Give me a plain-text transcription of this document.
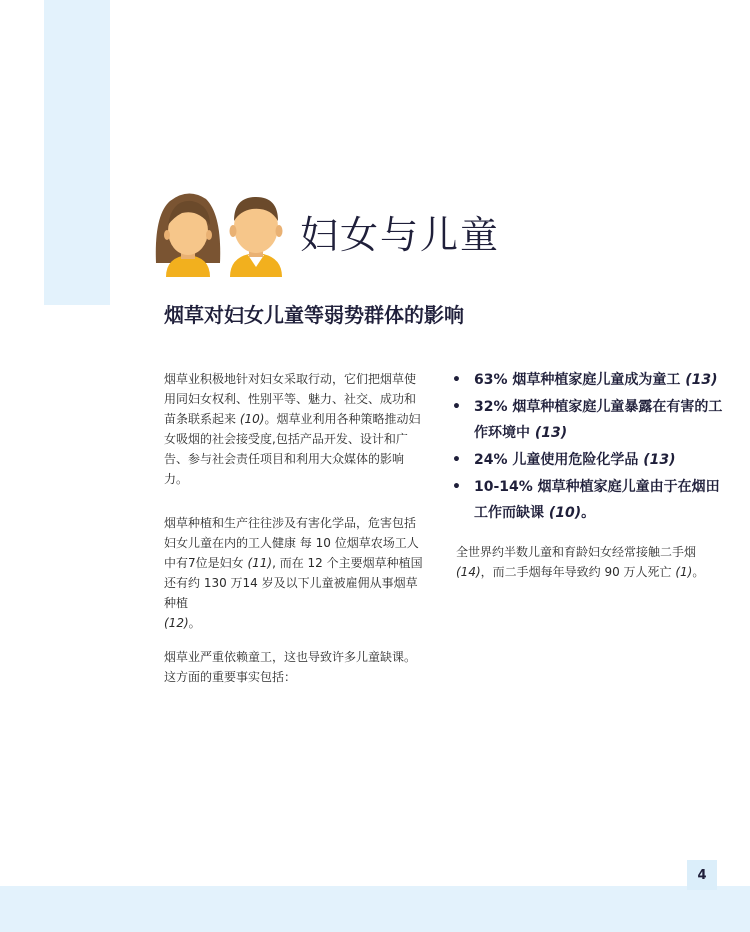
妇女与儿童
烟草对妇女儿童等弱势群体的影响

烟草业积极地针对妇女采取行动，它们把烟草使用同妇女权利、性别平等、魅力、社交、成功和苗条联系起来 (10)。烟草业利用各种策略推动妇女吸烟的社会接受度,包括产品开发、设计和广告、参与社会责任项目和利用大众媒体的影响力。

烟草种植和生产往往涉及有害化学品，危害包括妇女儿童在内的工人健康 每 10 位烟草农场工人中有7位是妇女 (11), 而在 12 个主要烟草种植国还有约 130 万14 岁及以下儿童被雇佣从事烟草种植
(12)。

烟草业严重依赖童工，这也导致许多儿童缺课。这方面的重要事实包括：

• 63% 烟草种植家庭儿童成为童工 (13)
• 32% 烟草种植家庭儿童暴露在有害的工作环境中 (13)
• 24% 儿童使用危险化学品 (13)
• 10-14% 烟草种植家庭儿童由于在烟田工作而缺课 (10)。

全世界约半数儿童和育龄妇女经常接触二手烟 (14)，而二手烟每年导致约 90 万人死亡 (1)。

4
